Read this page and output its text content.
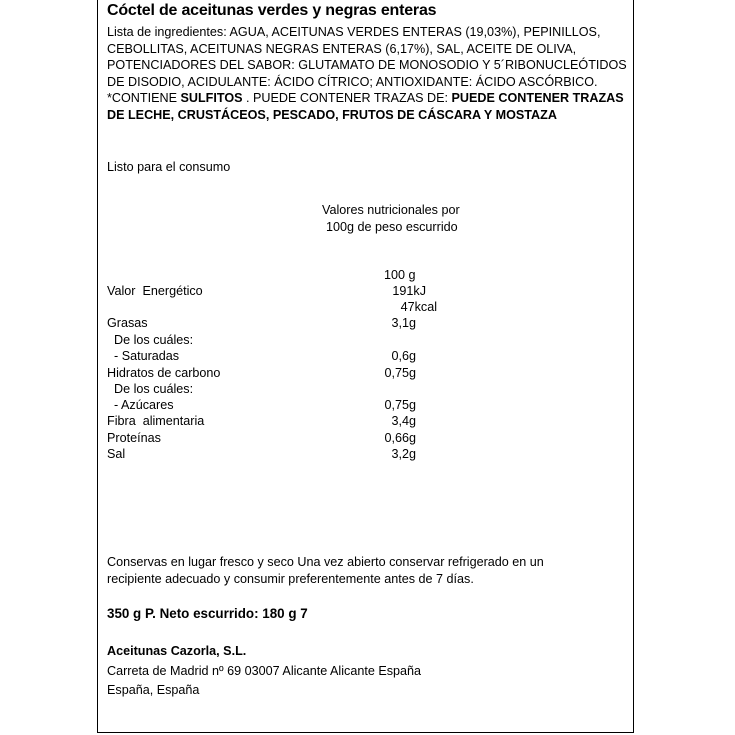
Cóctel de aceitunas verdes y negras enteras

Lista de ingredientes: AGUA, ACEITUNAS VERDES ENTERAS (19,03%), PEPINILLOS, CEBOLLITAS, ACEITUNAS NEGRAS ENTERAS (6,17%), SAL, ACEITE DE OLIVA, POTENCIADORES DEL SABOR: GLUTAMATO DE MONOSODIO Y 5´RIBONUCLEÓTIDOS DE DISODIO, ACIDULANTE: ÁCIDO CÍTRICO; ANTIOXIDANTE: ÁCIDO ASCÓRBICO. *CONTIENE SULFITOS . PUEDE CONTENER TRAZAS DE: PUEDE CONTENER TRAZAS DE LECHE, CRUSTÁCEOS, PESCADO, FRUTOS DE CÁSCARA Y MOSTAZA

Listo para el consumo
Valores nutricionales por
100g de peso escurrido
100 g
Valor  Energético	191kJ
47kcal
Grasas	3,1g
De los cuáles:
- Saturadas	0,6g
Hidratos de carbono	0,75g
De los cuáles:
- Azúcares	0,75g
Fibra  alimentaria	3,4g
Proteínas	0,66g
Sal	3,2g
Conservas en lugar fresco y seco Una vez abierto conservar refrigerado en un
recipiente adecuado y consumir preferentemente antes de 7 días.
350 g P. Neto escurrido: 180 g 7
Aceitunas Cazorla, S.L.
Carreta de Madrid nº 69 03007 Alicante Alicante España
España, España
